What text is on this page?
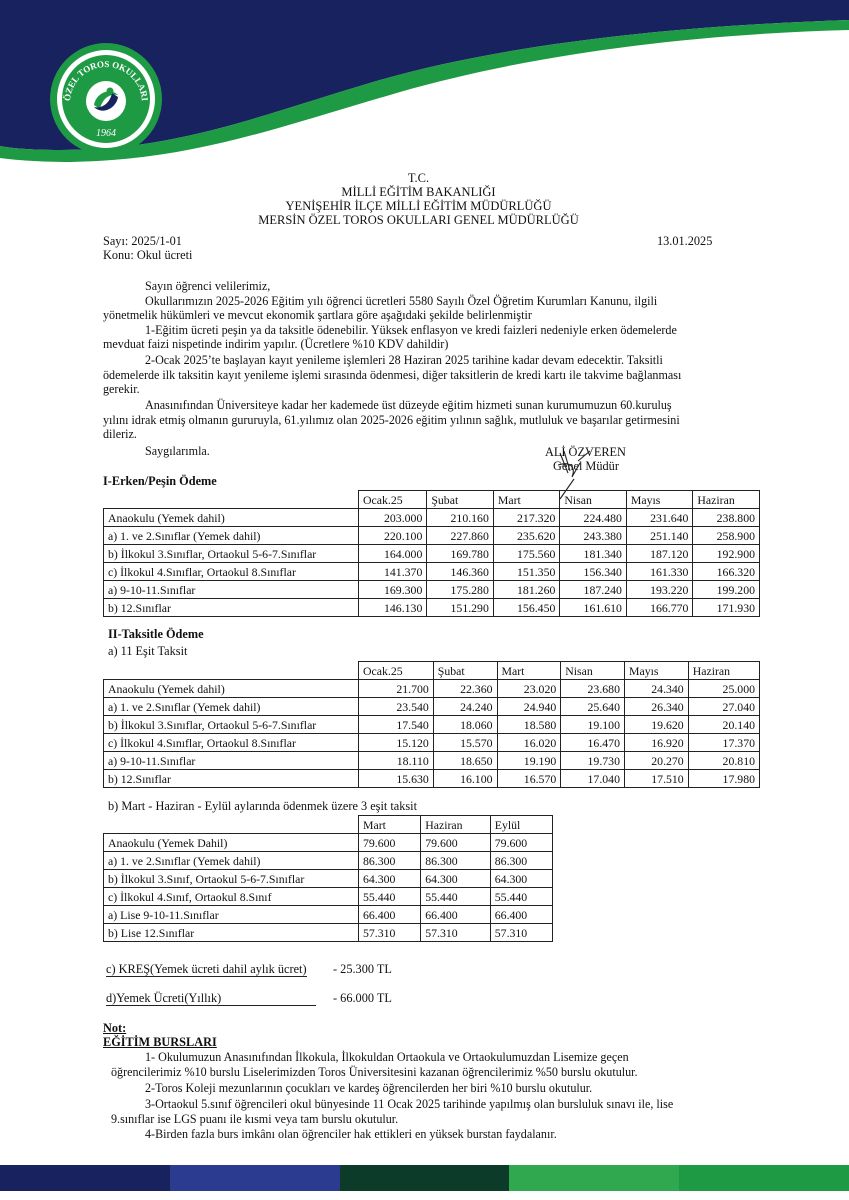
ÖZEL TOROS OKULLARI
1964
T.C.
MİLLİ EĞİTİM BAKANLIĞI
YENİŞEHİR İLÇE MİLLİ EĞİTİM MÜDÜRLÜĞÜ
MERSİN ÖZEL TOROS OKULLARI GENEL MÜDÜRLÜĞÜ
Sayı: 2025/1-01
Konu: Okul ücreti
13.01.2025
Sayın öğrenci velilerimiz,
Okullarımızın 2025-2026 Eğitim yılı öğrenci ücretleri 5580 Sayılı Özel Öğretim Kurumları Kanunu, ilgili
yönetmelik hükümleri ve mevcut ekonomik şartlara göre aşağıdaki şekilde belirlenmiştir
1-Eğitim ücreti peşin ya da taksitle ödenebilir. Yüksek enflasyon ve kredi faizleri nedeniyle erken ödemelerde
mevduat faizi nispetinde indirim yapılır. (Ücretlere %10 KDV dahildir)
2-Ocak 2025’te başlayan kayıt yenileme işlemleri 28 Haziran 2025 tarihine kadar devam edecektir. Taksitli
ödemelerde ilk taksitin kayıt yenileme işlemi sırasında ödenmesi, diğer taksitlerin de kredi kartı ile takvime bağlanması
gerekir.
Anasınıfından Üniversiteye kadar her kademede üst düzeyde eğitim hizmeti sunan kurumumuzun 60.kuruluş
yılını idrak etmiş olmanın gururuyla, 61.yılımız olan 2025-2026 eğitim yılının sağlık, mutluluk ve başarılar getirmesini
dileriz.
Saygılarımla.	ALİ ÖZVEREN
Genel Müdür
I-Erken/Peşin Ödeme
	Ocak.25	Şubat	Mart	Nisan	Mayıs	Haziran
Anaokulu (Yemek dahil)	203.000	210.160	217.320	224.480	231.640	238.800
a) 1. ve 2.Sınıflar (Yemek dahil)	220.100	227.860	235.620	243.380	251.140	258.900
b) İlkokul 3.Sınıflar, Ortaokul 5-6-7.Sınıflar	164.000	169.780	175.560	181.340	187.120	192.900
c) İlkokul 4.Sınıflar, Ortaokul 8.Sınıflar	141.370	146.360	151.350	156.340	161.330	166.320
a) 9-10-11.Sınıflar	169.300	175.280	181.260	187.240	193.220	199.200
b) 12.Sınıflar	146.130	151.290	156.450	161.610	166.770	171.930
II-Taksitle Ödeme
a) 11 Eşit Taksit
	Ocak.25	Şubat	Mart	Nisan	Mayıs	Haziran
Anaokulu (Yemek dahil)	21.700	22.360	23.020	23.680	24.340	25.000
a) 1. ve 2.Sınıflar (Yemek dahil)	23.540	24.240	24.940	25.640	26.340	27.040
b) İlkokul 3.Sınıflar, Ortaokul 5-6-7.Sınıflar	17.540	18.060	18.580	19.100	19.620	20.140
c) İlkokul 4.Sınıflar, Ortaokul 8.Sınıflar	15.120	15.570	16.020	16.470	16.920	17.370
a) 9-10-11.Sınıflar	18.110	18.650	19.190	19.730	20.270	20.810
b) 12.Sınıflar	15.630	16.100	16.570	17.040	17.510	17.980
b) Mart - Haziran - Eylül aylarında ödenmek üzere 3 eşit taksit
	Mart	Haziran	Eylül
Anaokulu (Yemek Dahil)	79.600	79.600	79.600
a) 1. ve 2.Sınıflar (Yemek dahil)	86.300	86.300	86.300
b) İlkokul 3.Sınıf, Ortaokul 5-6-7.Sınıflar	64.300	64.300	64.300
c) İlkokul 4.Sınıf, Ortaokul 8.Sınıf	55.440	55.440	55.440
a) Lise 9-10-11.Sınıflar	66.400	66.400	66.400
b) Lise 12.Sınıflar	57.310	57.310	57.310
c) KREŞ(Yemek ücreti dahil aylık ücret) - 25.300 TL
d)Yemek Ücreti(Yıllık)	- 66.000 TL
Not:
EĞİTİM BURSLARI
1- Okulumuzun Anasınıfından İlkokula, İlkokuldan Ortaokula ve Ortaokulumuzdan Lisemize geçen
öğrencilerimiz %10 burslu Liselerimizden Toros Üniversitesini kazanan öğrencilerimiz %50 burslu okutulur.
2-Toros Koleji mezunlarının çocukları ve kardeş öğrencilerden her biri %10 burslu okutulur.
3-Ortaokul 5.sınıf öğrencileri okul bünyesinde 11 Ocak 2025 tarihinde yapılmış olan bursluluk sınavı ile, lise
9.sınıflar ise LGS puanı ile kısmi veya tam burslu okutulur.
4-Birden fazla burs imkânı olan öğrenciler hak ettikleri en yüksek burstan faydalanır.
